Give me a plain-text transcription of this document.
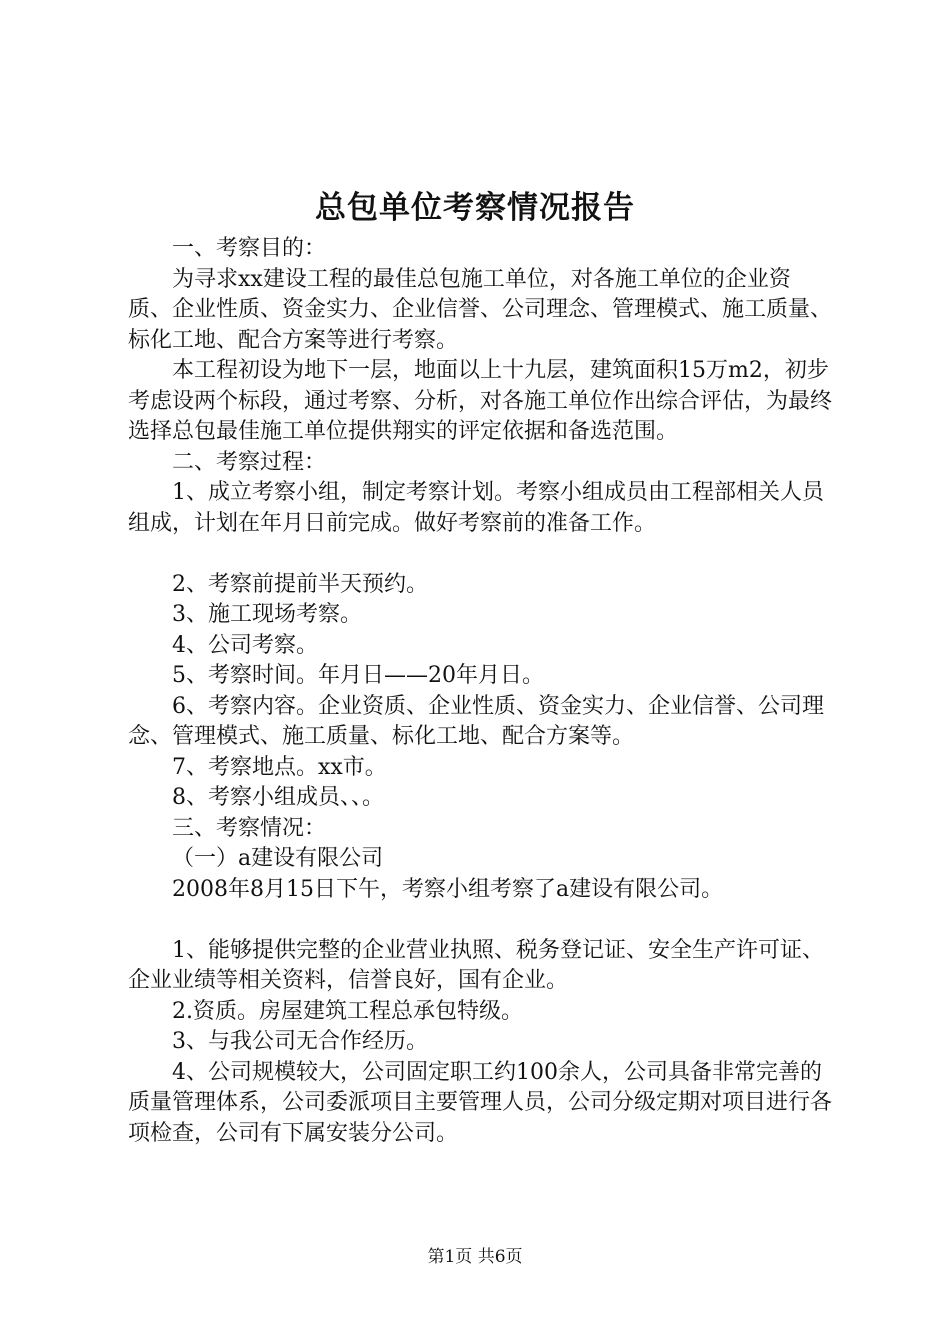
总包单位考察情况报告

一、考察目的：

为寻求xx建设工程的最佳总包施工单位，对各施工单位的企业资质、企业性质、资金实力、企业信誉、公司理念、管理模式、施工质量、标化工地、配合方案等进行考察。

本工程初设为地下一层，地面以上十九层，建筑面积15万m2，初步考虑设两个标段，通过考察、分析，对各施工单位作出综合评估，为最终选择总包最佳施工单位提供翔实的评定依据和备选范围。

二、考察过程：

1、成立考察小组，制定考察计划。考察小组成员由工程部相关人员组成，计划在年月日前完成。做好考察前的准备工作。

2、考察前提前半天预约。

3、施工现场考察。

4、公司考察。

5、考察时间。年月日——20年月日。

6、考察内容。企业资质、企业性质、资金实力、企业信誉、公司理念、管理模式、施工质量、标化工地、配合方案等。

7、考察地点。xx市。

8、考察小组成员、、。

三、考察情况：

（一）a建设有限公司

2008年8月15日下午，考察小组考察了a建设有限公司。

1、能够提供完整的企业营业执照、税务登记证、安全生产许可证、企业业绩等相关资料，信誉良好，国有企业。

2.资质。房屋建筑工程总承包特级。

3、与我公司无合作经历。

4、公司规模较大，公司固定职工约100余人，公司具备非常完善的质量管理体系，公司委派项目主要管理人员，公司分级定期对项目进行各项检查，公司有下属安装分公司。

第1页 共6页
